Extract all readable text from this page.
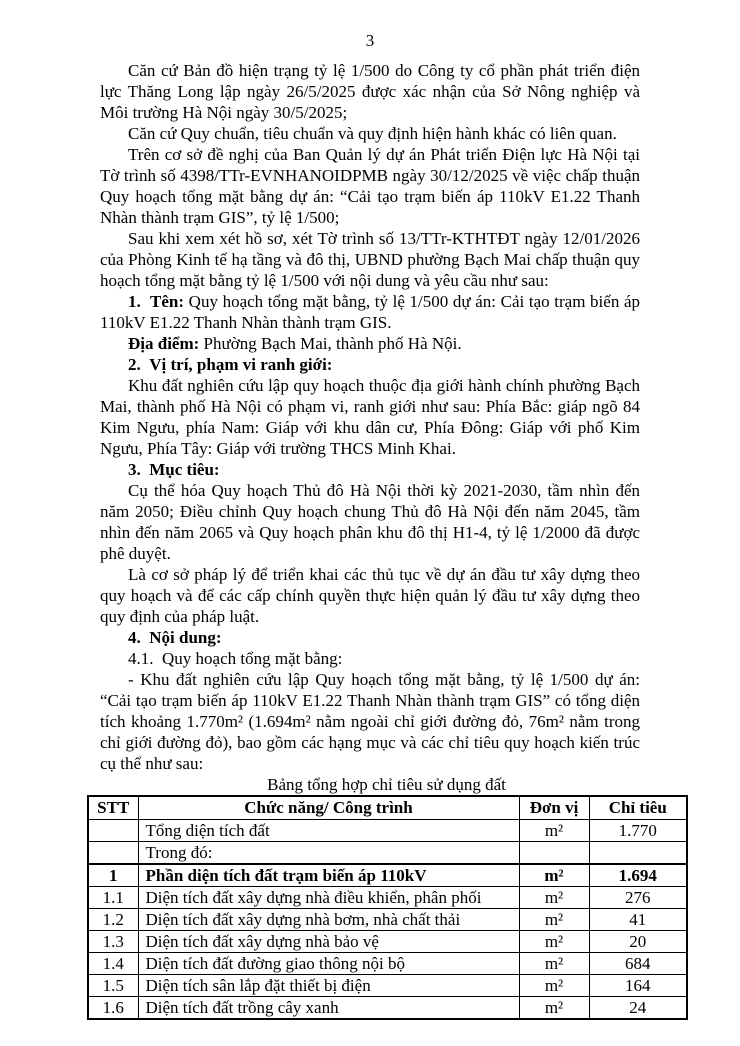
3

Căn cứ Bản đồ hiện trạng tỷ lệ 1/500 do Công ty cổ phần phát triển điện lực Thăng Long lập ngày 26/5/2025 được xác nhận của Sở Nông nghiệp và Môi trường Hà Nội ngày 30/5/2025;

Căn cứ Quy chuẩn, tiêu chuẩn và quy định hiện hành khác có liên quan.

Trên cơ sở đề nghị của Ban Quản lý dự án Phát triển Điện lực Hà Nội tại Tờ trình số 4398/TTr-EVNHANOIDPMB ngày 30/12/2025 về việc chấp thuận Quy hoạch tổng mặt bằng dự án: “Cải tạo trạm biến áp 110kV E1.22 Thanh Nhàn thành trạm GIS”, tỷ lệ 1/500;

Sau khi xem xét hồ sơ, xét Tờ trình số 13/TTr-KTHTĐT ngày 12/01/2026 của Phòng Kinh tế hạ tầng và đô thị, UBND phường Bạch Mai chấp thuận quy hoạch tổng mặt bằng tỷ lệ 1/500 với nội dung và yêu cầu như sau:

1.  Tên: Quy hoạch tổng mặt bằng, tỷ lệ 1/500 dự án: Cải tạo trạm biến áp 110kV E1.22 Thanh Nhàn thành trạm GIS.

Địa điểm: Phường Bạch Mai, thành phố Hà Nội.

2.  Vị trí, phạm vi ranh giới:

Khu đất nghiên cứu lập quy hoạch thuộc địa giới hành chính phường Bạch Mai, thành phố Hà Nội có phạm vi, ranh giới như sau: Phía Bắc: giáp ngõ 84 Kim Ngưu, phía Nam: Giáp với khu dân cư, Phía Đông: Giáp với phố Kim Ngưu, Phía Tây: Giáp với trường THCS Minh Khai.

3.  Mục tiêu:

Cụ thể hóa Quy hoạch Thủ đô Hà Nội thời kỳ 2021-2030, tầm nhìn đến năm 2050; Điều chỉnh Quy hoạch chung Thủ đô Hà Nội đến năm 2045, tầm nhìn đến năm 2065 và Quy hoạch phân khu đô thị H1-4, tỷ lệ 1/2000 đã được phê duyệt.

Là cơ sở pháp lý để triển khai các thủ tục về dự án đầu tư xây dựng theo quy hoạch và để các cấp chính quyền thực hiện quản lý đầu tư xây dựng theo quy định của pháp luật.

4.  Nội dung:

4.1.  Quy hoạch tổng mặt bằng:

- Khu đất nghiên cứu lập Quy hoạch tổng mặt bằng, tỷ lệ 1/500 dự án: “Cải tạo trạm biến áp 110kV E1.22 Thanh Nhàn thành trạm GIS” có tổng diện tích khoảng 1.770m² (1.694m² nằm ngoài chỉ giới đường đỏ, 76m² nằm trong chỉ giới đường đỏ), bao gồm các hạng mục và các chỉ tiêu quy hoạch kiến trúc cụ thể như sau:

Bảng tổng hợp chỉ tiêu sử dụng đất
STT	Chức năng/ Công trình	Đơn vị	Chỉ tiêu
	Tổng diện tích đất	m²	1.770
	Trong đó:		
1	Phần diện tích đất trạm biến áp 110kV	m²	1.694
1.1	Diện tích đất xây dựng nhà điều khiển, phân phối	m²	276
1.2	Diện tích đất xây dựng nhà bơm, nhà chất thải	m²	41
1.3	Diện tích đất xây dựng nhà bảo vệ	m²	20
1.4	Diện tích đất đường giao thông nội bộ	m²	684
1.5	Diện tích sân lắp đặt thiết bị điện	m²	164
1.6	Diện tích đất trồng cây xanh	m²	24
